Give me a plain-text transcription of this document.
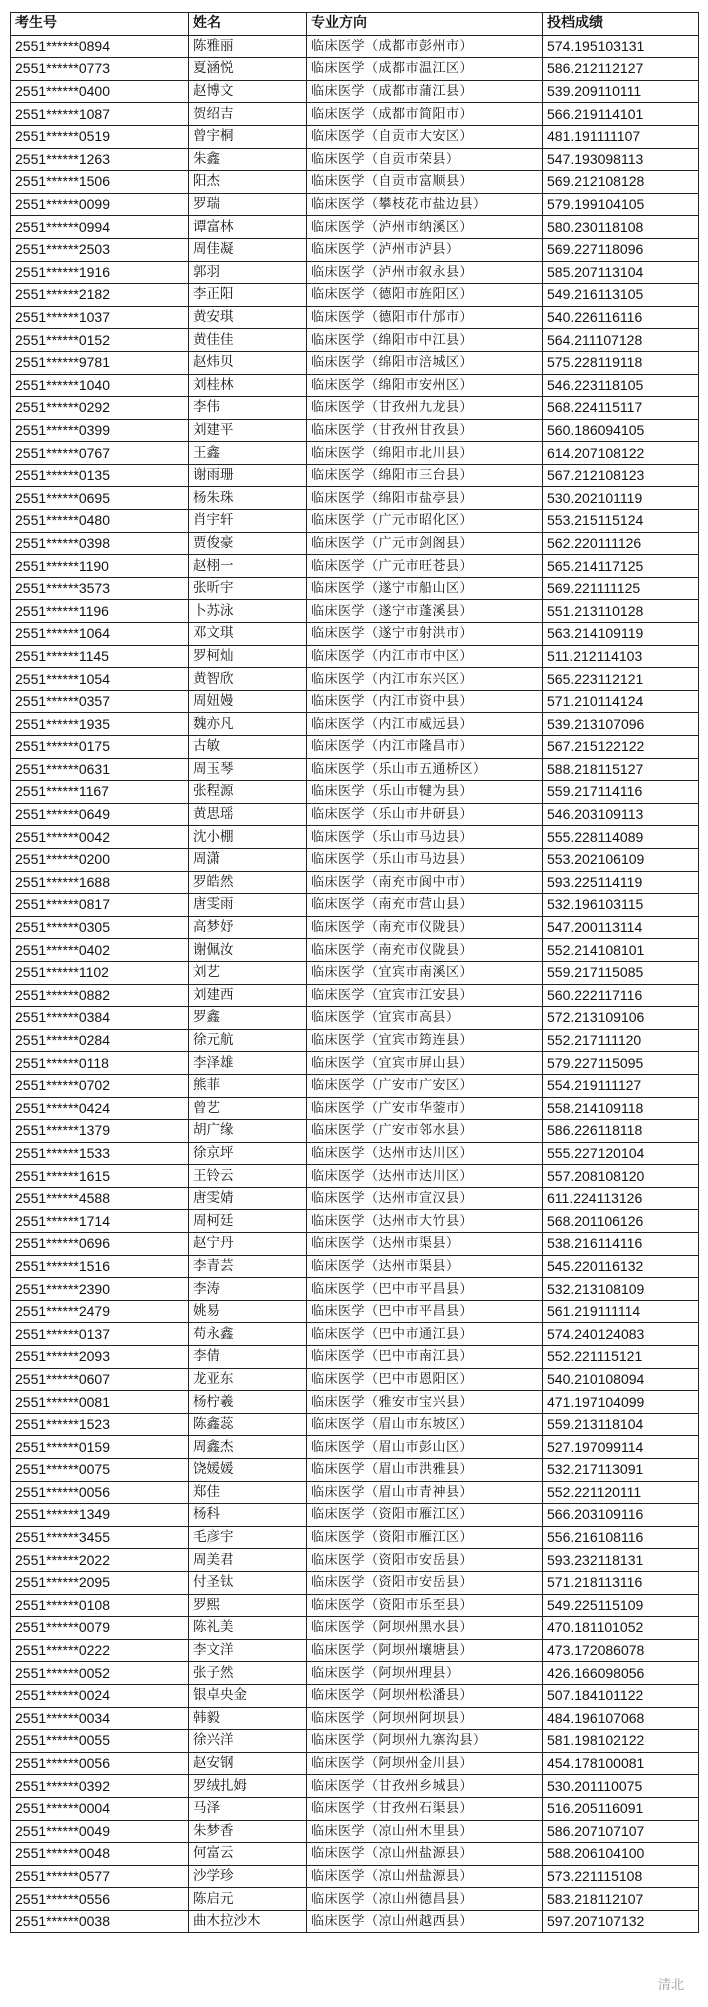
考生号	姓名	专业方向	投档成绩
2551******0894	陈雅丽	临床医学（成都市彭州市）	574.195103131
2551******0773	夏涵悦	临床医学（成都市温江区）	586.212112127
2551******0400	赵博文	临床医学（成都市蒲江县）	539.209110111
2551******1087	贺绍吉	临床医学（成都市简阳市）	566.219114101
2551******0519	曾宇桐	临床医学（自贡市大安区）	481.191111107
2551******1263	朱鑫	临床医学（自贡市荣县）	547.193098113
2551******1506	阳杰	临床医学（自贡市富顺县）	569.212108128
2551******0099	罗瑞	临床医学（攀枝花市盐边县）	579.199104105
2551******0994	谭富林	临床医学（泸州市纳溪区）	580.230118108
2551******2503	周佳凝	临床医学（泸州市泸县）	569.227118096
2551******1916	郭羽	临床医学（泸州市叙永县）	585.207113104
2551******2182	李正阳	临床医学（德阳市旌阳区）	549.216113105
2551******1037	黄安琪	临床医学（德阳市什邡市）	540.226116116
2551******0152	黄佳佳	临床医学（绵阳市中江县）	564.211107128
2551******9781	赵炜贝	临床医学（绵阳市涪城区）	575.228119118
2551******1040	刘桂林	临床医学（绵阳市安州区）	546.223118105
2551******0292	李伟	临床医学（甘孜州九龙县）	568.224115117
2551******0399	刘建平	临床医学（甘孜州甘孜县）	560.186094105
2551******0767	王鑫	临床医学（绵阳市北川县）	614.207108122
2551******0135	谢雨珊	临床医学（绵阳市三台县）	567.212108123
2551******0695	杨朱珠	临床医学（绵阳市盐亭县）	530.202101119
2551******0480	肖宇轩	临床医学（广元市昭化区）	553.215115124
2551******0398	贾俊豪	临床医学（广元市剑阁县）	562.220111126
2551******1190	赵栩一	临床医学（广元市旺苍县）	565.214117125
2551******3573	张昕宇	临床医学（遂宁市船山区）	569.221111125
2551******1196	卜苏泳	临床医学（遂宁市蓬溪县）	551.213110128
2551******1064	邓文琪	临床医学（遂宁市射洪市）	563.214109119
2551******1145	罗柯灿	临床医学（内江市市中区）	511.212114103
2551******1054	黄智欣	临床医学（内江市东兴区）	565.223112121
2551******0357	周妞嫚	临床医学（内江市资中县）	571.210114124
2551******1935	魏亦凡	临床医学（内江市威远县）	539.213107096
2551******0175	古敏	临床医学（内江市隆昌市）	567.215122122
2551******0631	周玉琴	临床医学（乐山市五通桥区）	588.218115127
2551******1167	张程源	临床医学（乐山市犍为县）	559.217114116
2551******0649	黄思瑶	临床医学（乐山市井研县）	546.203109113
2551******0042	沈小棚	临床医学（乐山市马边县）	555.228114089
2551******0200	周潇	临床医学（乐山市马边县）	553.202106109
2551******1688	罗皓然	临床医学（南充市阆中市）	593.225114119
2551******0817	唐雯雨	临床医学（南充市营山县）	532.196103115
2551******0305	高梦妤	临床医学（南充市仪陇县）	547.200113114
2551******0402	谢佩汝	临床医学（南充市仪陇县）	552.214108101
2551******1102	刘艺	临床医学（宜宾市南溪区）	559.217115085
2551******0882	刘建西	临床医学（宜宾市江安县）	560.222117116
2551******0384	罗鑫	临床医学（宜宾市高县）	572.213109106
2551******0284	徐元航	临床医学（宜宾市筠连县）	552.217111120
2551******0118	李泽雄	临床医学（宜宾市屏山县）	579.227115095
2551******0702	熊菲	临床医学（广安市广安区）	554.219111127
2551******0424	曾艺	临床医学（广安市华蓥市）	558.214109118
2551******1379	胡广缘	临床医学（广安市邻水县）	586.226118118
2551******1533	徐京坪	临床医学（达州市达川区）	555.227120104
2551******1615	王铃云	临床医学（达州市达川区）	557.208108120
2551******4588	唐雯婧	临床医学（达州市宣汉县）	611.224113126
2551******1714	周柯廷	临床医学（达州市大竹县）	568.201106126
2551******0696	赵宁丹	临床医学（达州市渠县）	538.216114116
2551******1516	李青芸	临床医学（达州市渠县）	545.220116132
2551******2390	李涛	临床医学（巴中市平昌县）	532.213108109
2551******2479	姚易	临床医学（巴中市平昌县）	561.219111114
2551******0137	苟永鑫	临床医学（巴中市通江县）	574.240124083
2551******2093	李倩	临床医学（巴中市南江县）	552.221115121
2551******0607	龙亚东	临床医学（巴中市恩阳区）	540.210108094
2551******0081	杨柠羲	临床医学（雅安市宝兴县）	471.197104099
2551******1523	陈鑫蕊	临床医学（眉山市东坡区）	559.213118104
2551******0159	周鑫杰	临床医学（眉山市彭山区）	527.197099114
2551******0075	饶媛媛	临床医学（眉山市洪雅县）	532.217113091
2551******0056	郑佳	临床医学（眉山市青神县）	552.221120111
2551******1349	杨科	临床医学（资阳市雁江区）	566.203109116
2551******3455	毛彦宇	临床医学（资阳市雁江区）	556.216108116
2551******2022	周美君	临床医学（资阳市安岳县）	593.232118131
2551******2095	付圣钛	临床医学（资阳市安岳县）	571.218113116
2551******0108	罗熙	临床医学（资阳市乐至县）	549.225115109
2551******0079	陈礼美	临床医学（阿坝州黑水县）	470.181101052
2551******0222	李文洋	临床医学（阿坝州壤塘县）	473.172086078
2551******0052	张子然	临床医学（阿坝州理县）	426.166098056
2551******0024	银卓央金	临床医学（阿坝州松潘县）	507.184101122
2551******0034	韩毅	临床医学（阿坝州阿坝县）	484.196107068
2551******0055	徐兴洋	临床医学（阿坝州九寨沟县）	581.198102122
2551******0056	赵安钢	临床医学（阿坝州金川县）	454.178100081
2551******0392	罗绒扎姆	临床医学（甘孜州乡城县）	530.201110075
2551******0004	马泽	临床医学（甘孜州石渠县）	516.205116091
2551******0049	朱梦香	临床医学（凉山州木里县）	586.207107107
2551******0048	何富云	临床医学（凉山州盐源县）	588.206104100
2551******0577	沙学珍	临床医学（凉山州盐源县）	573.221115108
2551******0556	陈启元	临床医学（凉山州德昌县）	583.218112107
2551******0038	曲木拉沙木	临床医学（凉山州越西县）	597.207107132
清北
